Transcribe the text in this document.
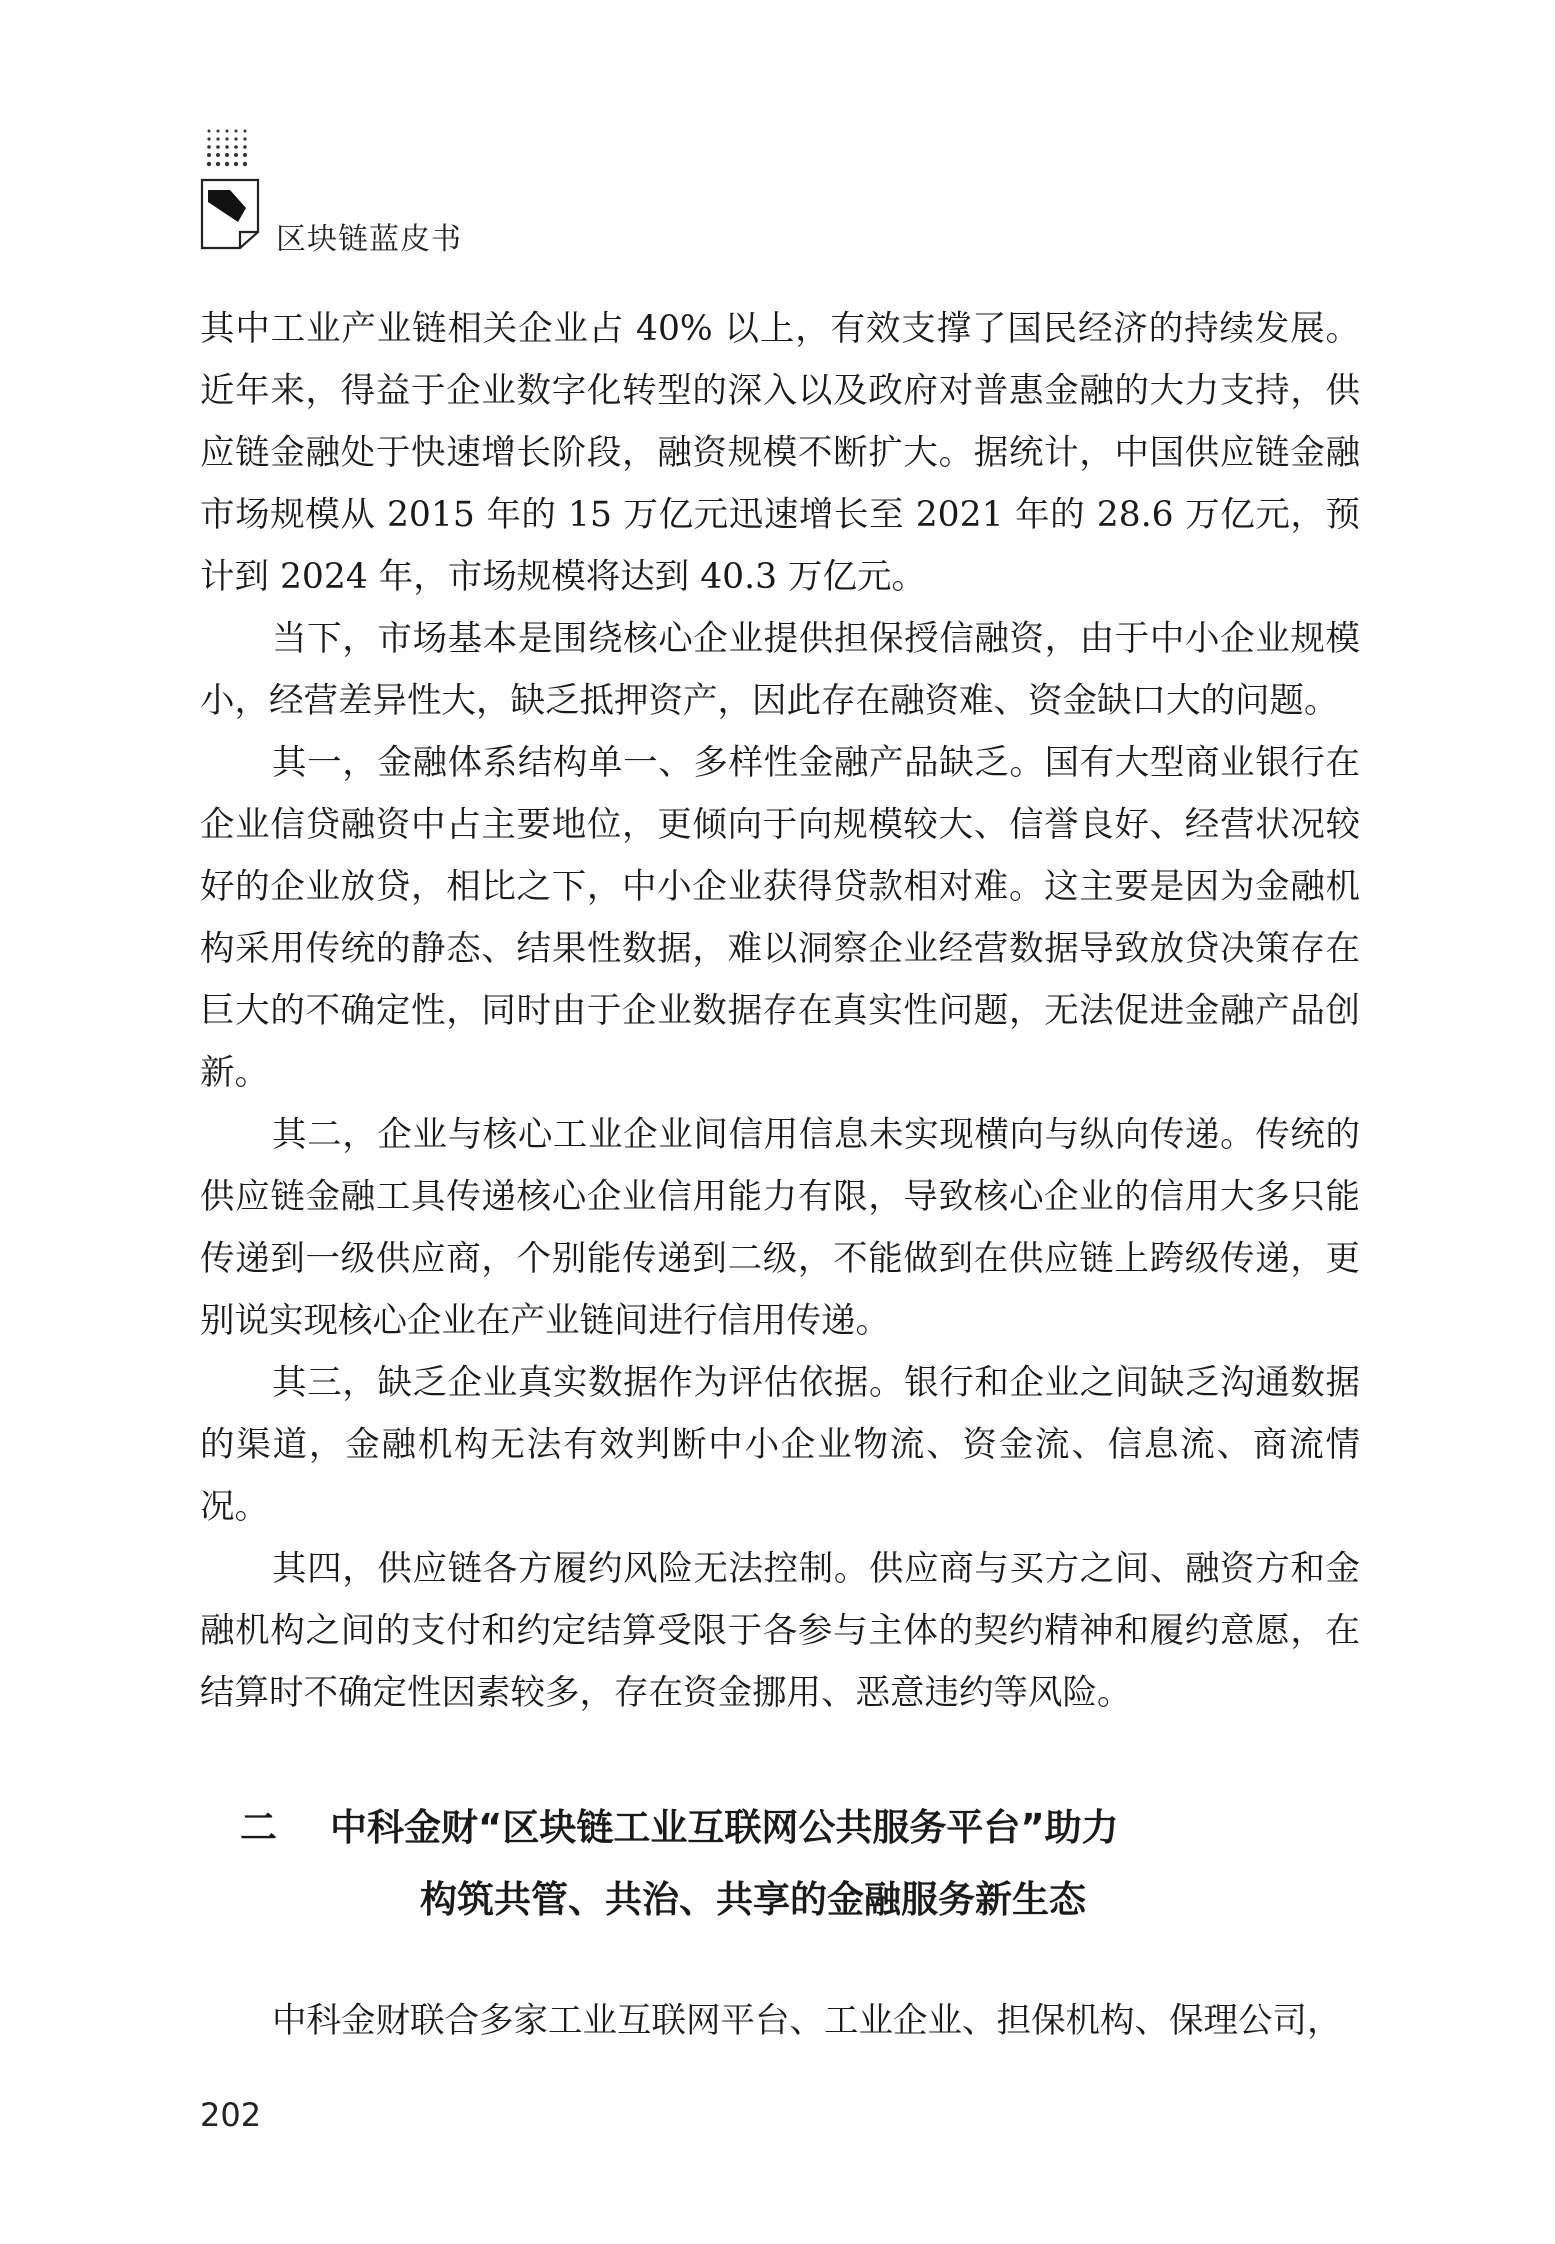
区块链蓝皮书

其中工业产业链相关企业占 40% 以上，有效支撑了国民经济的持续发展。近年来，得益于企业数字化转型的深入以及政府对普惠金融的大力支持，供应链金融处于快速增长阶段，融资规模不断扩大。据统计，中国供应链金融市场规模从 2015 年的 15 万亿元迅速增长至 2021 年的 28.6 万亿元，预计到 2024 年，市场规模将达到 40.3 万亿元。

当下，市场基本是围绕核心企业提供担保授信融资，由于中小企业规模小，经营差异性大，缺乏抵押资产，因此存在融资难、资金缺口大的问题。

其一，金融体系结构单一、多样性金融产品缺乏。国有大型商业银行在企业信贷融资中占主要地位，更倾向于向规模较大、信誉良好、经营状况较好的企业放贷，相比之下，中小企业获得贷款相对难。这主要是因为金融机构采用传统的静态、结果性数据，难以洞察企业经营数据导致放贷决策存在巨大的不确定性，同时由于企业数据存在真实性问题，无法促进金融产品创新。

其二，企业与核心工业企业间信用信息未实现横向与纵向传递。传统的供应链金融工具传递核心企业信用能力有限，导致核心企业的信用大多只能传递到一级供应商，个别能传递到二级，不能做到在供应链上跨级传递，更别说实现核心企业在产业链间进行信用传递。

其三，缺乏企业真实数据作为评估依据。银行和企业之间缺乏沟通数据的渠道，金融机构无法有效判断中小企业物流、资金流、信息流、商流情况。

其四，供应链各方履约风险无法控制。供应商与买方之间、融资方和金融机构之间的支付和约定结算受限于各参与主体的契约精神和履约意愿，在结算时不确定性因素较多，存在资金挪用、恶意违约等风险。

二 中科金财“区块链工业互联网公共服务平台”助力
构筑共管、共治、共享的金融服务新生态

中科金财联合多家工业互联网平台、工业企业、担保机构、保理公司，

202
